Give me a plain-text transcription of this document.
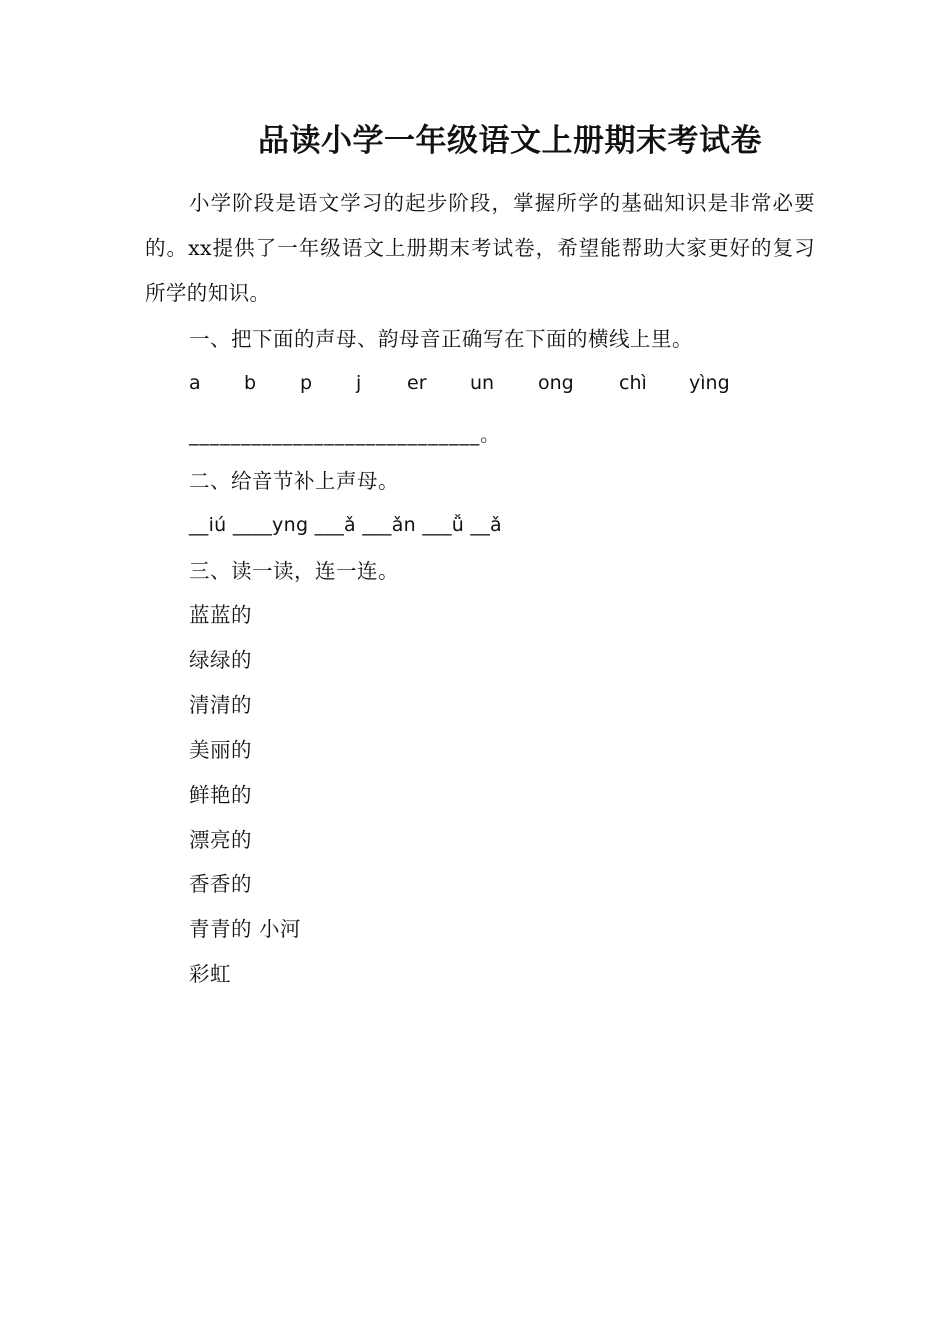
品读小学一年级语文上册期末考试卷

小学阶段是语文学习的起步阶段，掌握所学的基础知识是非常必要的。xx提供了一年级语文上册期末考试卷，希望能帮助大家更好的复习所学的知识。

一、把下面的声母、韵母音正确写在下面的横线上里。
a b p j er un ong chì yìng
____________________________。
二、给音节补上声母。
__iú ____yng ___ǎ ___ǎn ___ǚ __ǎ
三、读一读，连一连。
蓝蓝的
绿绿的
清清的
美丽的
鲜艳的
漂亮的
香香的
青青的 小河
彩虹
